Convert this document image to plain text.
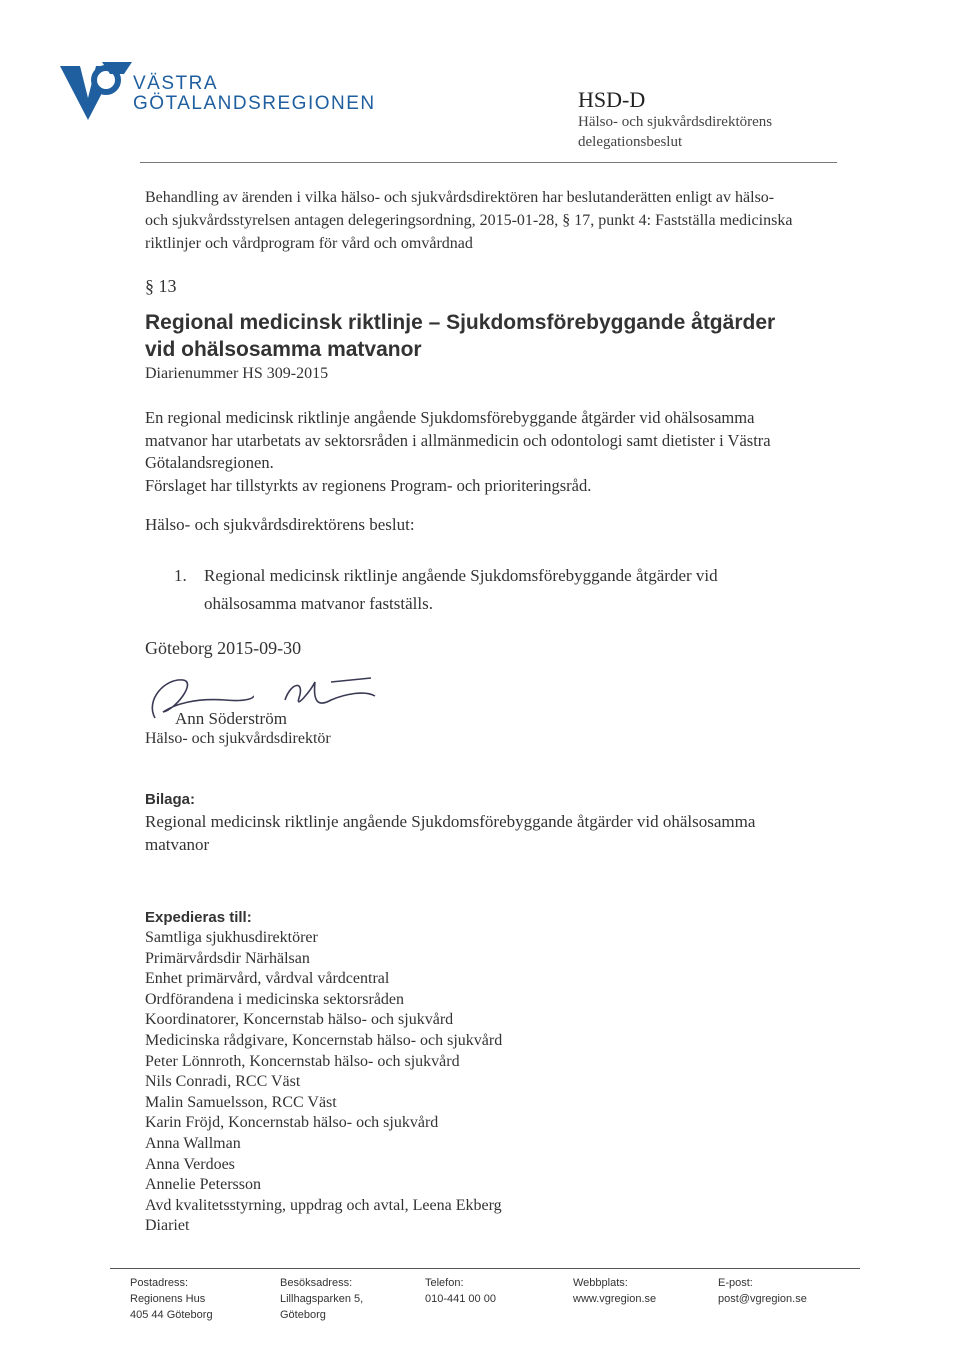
VÄSTRA
GÖTALANDSREGIONEN	HSD-D
Hälso- och sjukvårdsdirektörens
delegationsbeslut
Behandling av ärenden i vilka hälso- och sjukvårdsdirektören har beslutanderätten enligt av hälso- och sjukvårdsstyrelsen antagen delegeringsordning, 2015-01-28, § 17, punkt 4: Fastställa medicinska riktlinjer och vårdprogram för vård och omvårdnad
§ 13
Regional medicinsk riktlinje – Sjukdomsförebyggande åtgärder vid ohälsosamma matvanor
Diarienummer HS 309-2015
En regional medicinsk riktlinje angående Sjukdomsförebyggande åtgärder vid ohälsosamma matvanor har utarbetats av sektorsråden i allmänmedicin och odontologi samt dietister i Västra Götalandsregionen.
Förslaget har tillstyrkts av regionens Program- och prioriteringsråd.
Hälso- och sjukvårdsdirektörens beslut:
1.	Regional medicinsk riktlinje angående Sjukdomsförebyggande åtgärder vid ohälsosamma matvanor fastställs.
Göteborg 2015-09-30
Ann Söderström
Hälso- och sjukvårdsdirektör
Bilaga:
Regional medicinsk riktlinje angående Sjukdomsförebyggande åtgärder vid ohälsosamma matvanor
Expedieras till:
Samtliga sjukhusdirektörer
Primärvårdsdir Närhälsan
Enhet primärvård, vårdval vårdcentral
Ordförandena i medicinska sektorsråden
Koordinatorer, Koncernstab hälso- och sjukvård
Medicinska rådgivare, Koncernstab hälso- och sjukvård
Peter Lönnroth, Koncernstab hälso- och sjukvård
Nils Conradi, RCC Väst
Malin Samuelsson, RCC Väst
Karin Fröjd, Koncernstab hälso- och sjukvård
Anna Wallman
Anna Verdoes
Annelie Petersson
Avd kvalitetsstyrning, uppdrag och avtal, Leena Ekberg
Diariet
Postadress:
Regionens Hus
405 44 Göteborg
Besöksadress:
Lillhagsparken 5,
Göteborg
Telefon:
010-441 00 00
Webbplats:
www.vgregion.se
E-post:
post@vgregion.se
